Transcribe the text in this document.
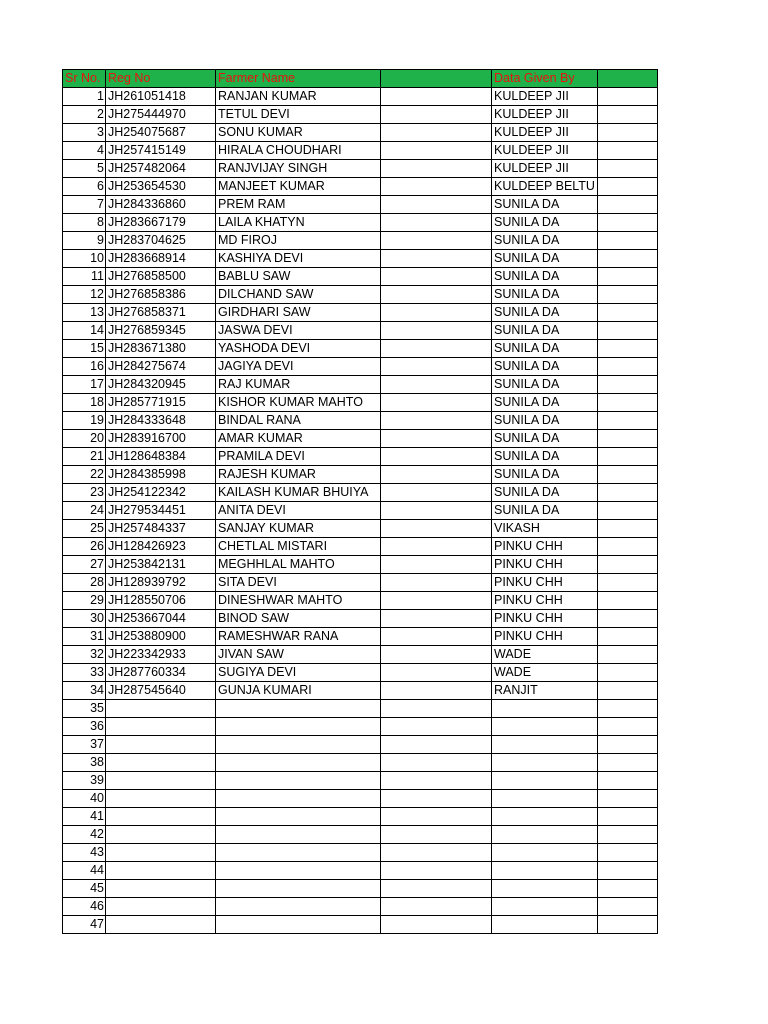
Sr No.	Reg No	Farmer Name		Data Given By	
1	JH261051418	RANJAN KUMAR		KULDEEP JII	
2	JH275444970	TETUL DEVI		KULDEEP JII	
3	JH254075687	SONU KUMAR		KULDEEP JII	
4	JH257415149	HIRALA CHOUDHARI		KULDEEP JII	
5	JH257482064	RANJVIJAY SINGH		KULDEEP JII	
6	JH253654530	MANJEET KUMAR		KULDEEP BELTU	
7	JH284336860	PREM RAM		SUNILA DA	
8	JH283667179	LAILA KHATYN		SUNILA DA	
9	JH283704625	MD FIROJ		SUNILA DA	
10	JH283668914	KASHIYA DEVI		SUNILA DA	
11	JH276858500	BABLU SAW		SUNILA DA	
12	JH276858386	DILCHAND SAW		SUNILA DA	
13	JH276858371	GIRDHARI SAW		SUNILA DA	
14	JH276859345	JASWA DEVI		SUNILA DA	
15	JH283671380	YASHODA DEVI		SUNILA DA	
16	JH284275674	JAGIYA DEVI		SUNILA DA	
17	JH284320945	RAJ KUMAR		SUNILA DA	
18	JH285771915	KISHOR KUMAR MAHTO		SUNILA DA	
19	JH284333648	BINDAL RANA		SUNILA DA	
20	JH283916700	AMAR KUMAR		SUNILA DA	
21	JH128648384	PRAMILA DEVI		SUNILA DA	
22	JH284385998	RAJESH KUMAR		SUNILA DA	
23	JH254122342	KAILASH KUMAR BHUIYA		SUNILA DA	
24	JH279534451	ANITA DEVI		SUNILA DA	
25	JH257484337	SANJAY KUMAR		VIKASH	
26	JH128426923	CHETLAL MISTARI		PINKU CHH	
27	JH253842131	MEGHHLAL MAHTO		PINKU CHH	
28	JH128939792	SITA DEVI		PINKU CHH	
29	JH128550706	DINESHWAR MAHTO		PINKU CHH	
30	JH253667044	BINOD SAW		PINKU CHH	
31	JH253880900	RAMESHWAR RANA		PINKU CHH	
32	JH223342933	JIVAN SAW		WADE	
33	JH287760334	SUGIYA DEVI		WADE	
34	JH287545640	GUNJA KUMARI		RANJIT	
35					
36					
37					
38					
39					
40					
41					
42					
43					
44					
45					
46					
47					
